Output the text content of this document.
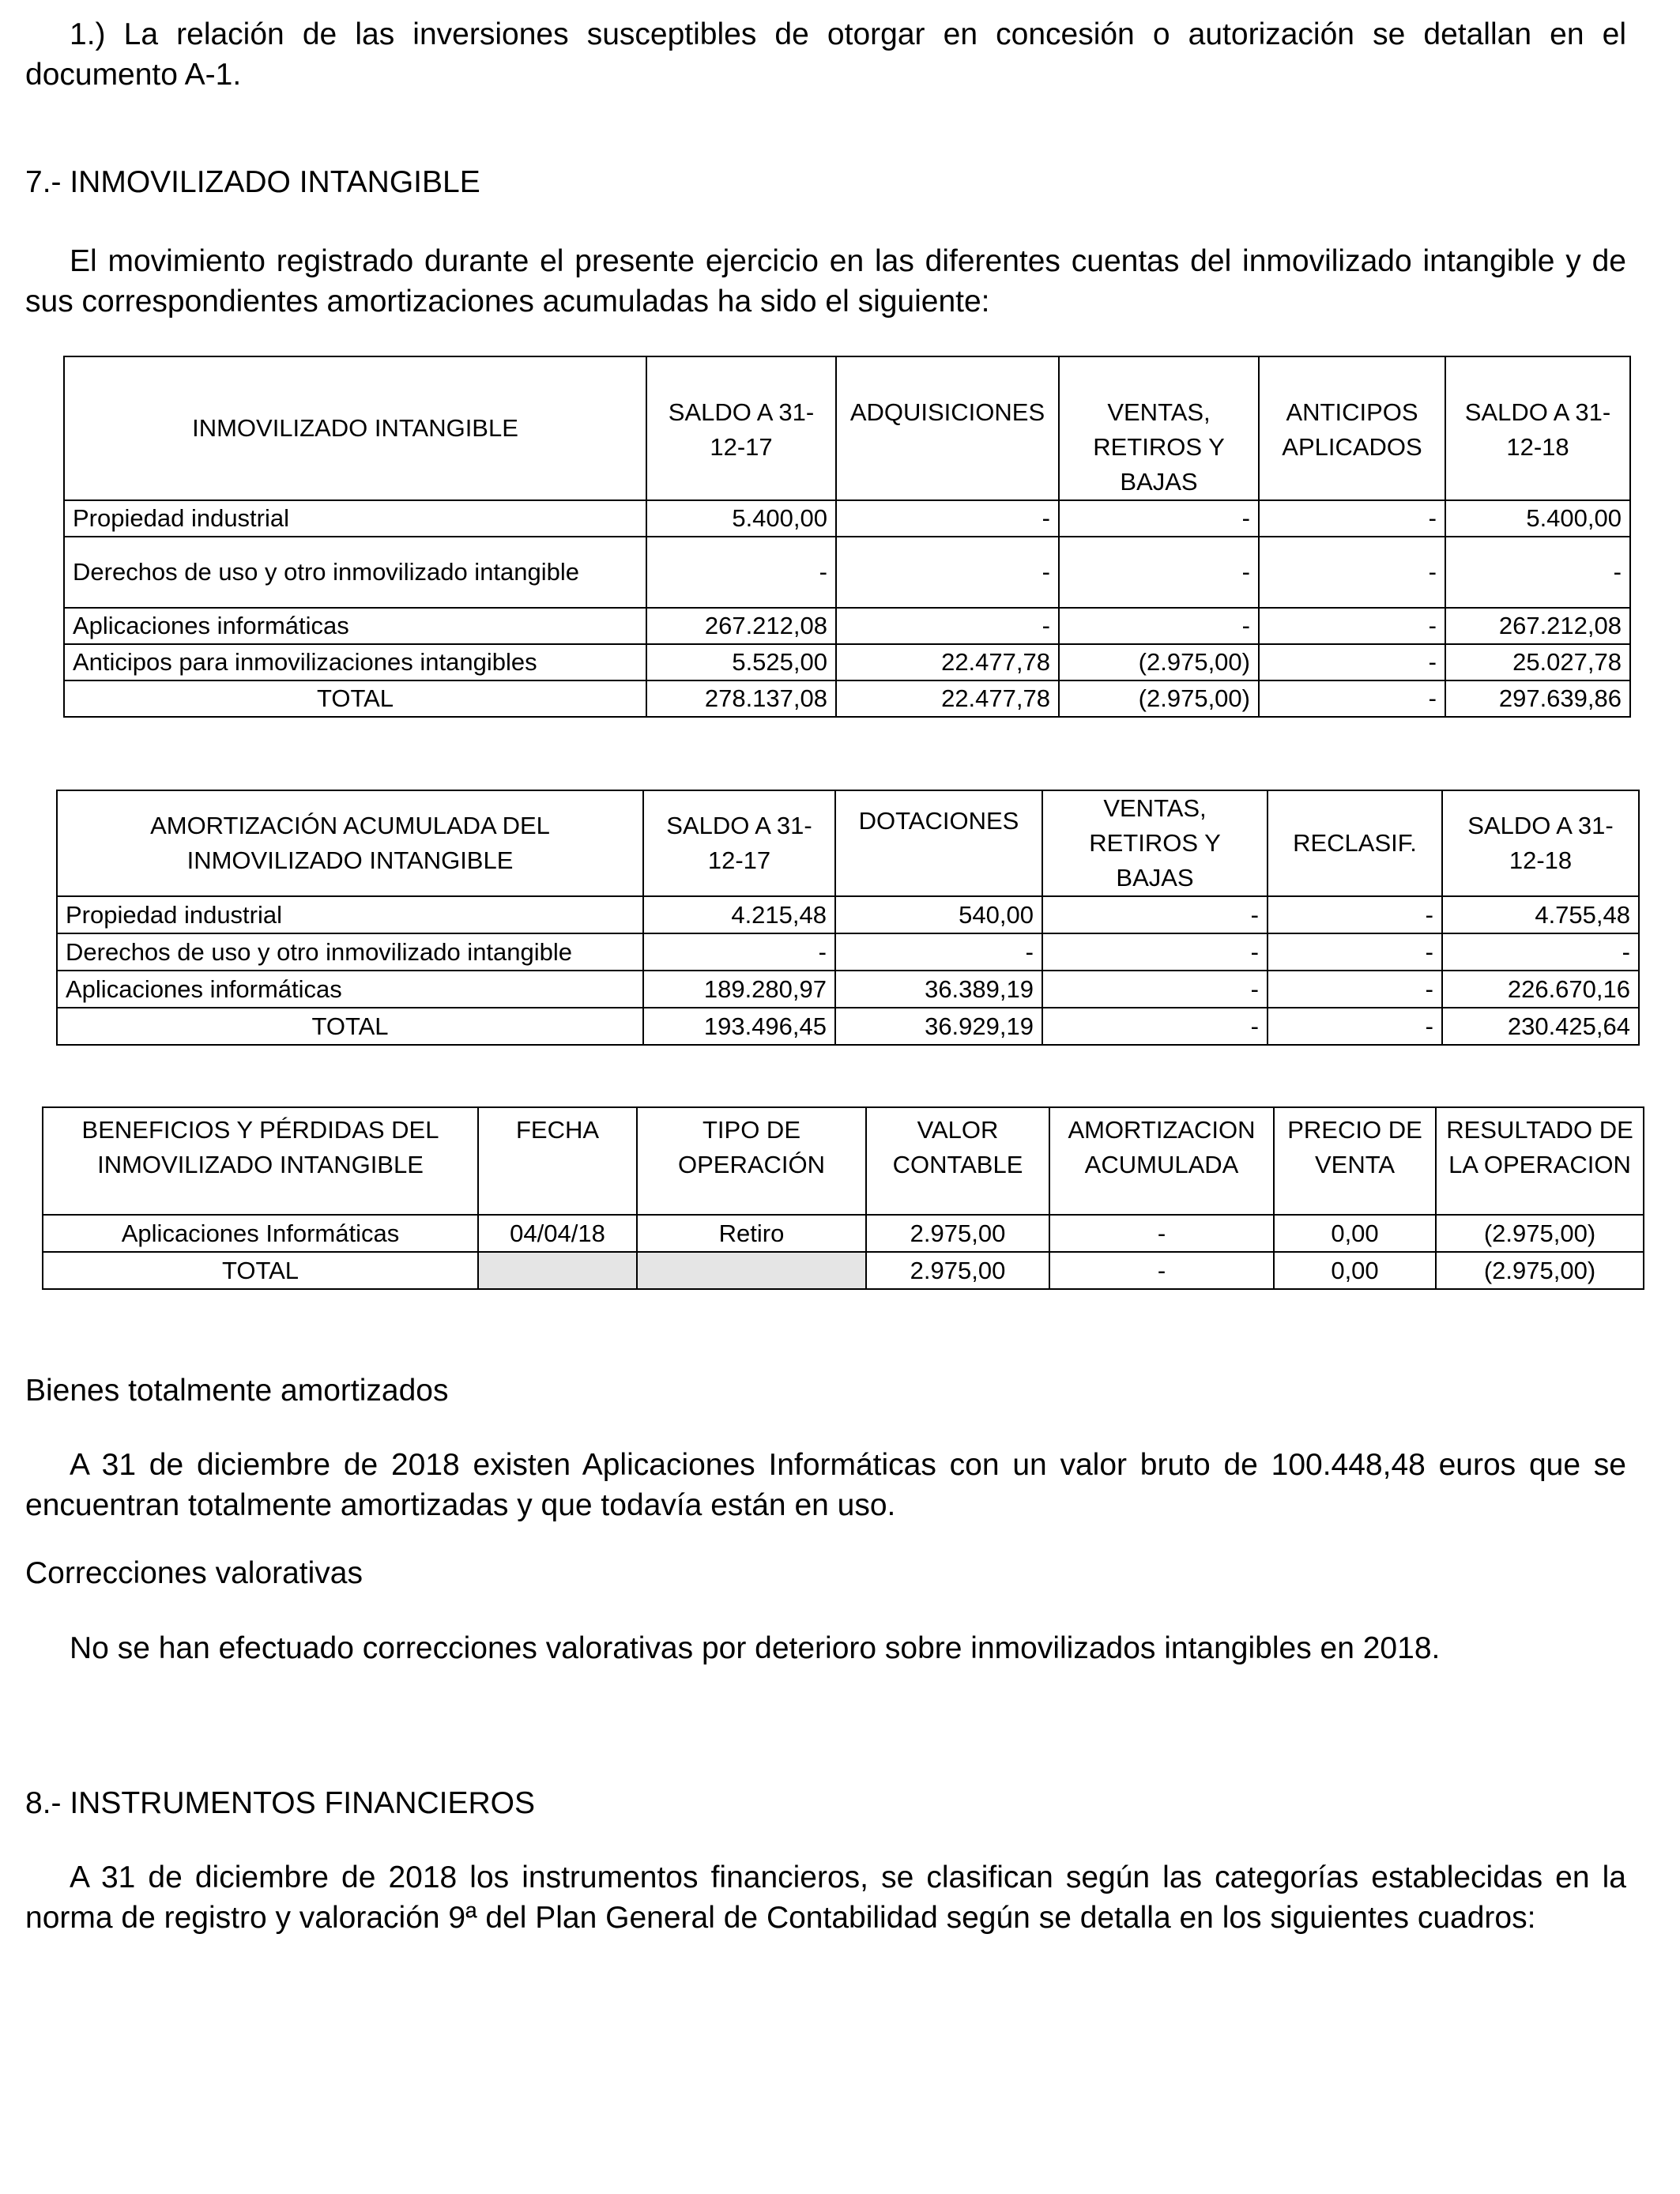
1.) La relación de las inversiones susceptibles de otorgar en concesión o autorización se detallan en el documento A-1.

7.- INMOVILIZADO INTANGIBLE

El movimiento registrado durante el presente ejercicio en las diferentes cuentas del inmovilizado intangible y de sus correspondientes amortizaciones acumuladas ha sido el siguiente:

INMOVILIZADO INTANGIBLE	SALDO A 31-12-17	ADQUISICIONES	VENTAS, RETIROS Y BAJAS	ANTICIPOS APLICADOS	SALDO A 31-12-18
Propiedad industrial	5.400,00	-	-	-	5.400,00
Derechos de uso y otro inmovilizado intangible	-	-	-	-	-
Aplicaciones informáticas	267.212,08	-	-	-	267.212,08
Anticipos para inmovilizaciones intangibles	5.525,00	22.477,78	(2.975,00)	-	25.027,78
TOTAL	278.137,08	22.477,78	(2.975,00)	-	297.639,86
AMORTIZACIÓN ACUMULADA DEL INMOVILIZADO INTANGIBLE	SALDO A 31-12-17	DOTACIONES	VENTAS, RETIROS Y BAJAS	RECLASIF.	SALDO A 31-12-18
Propiedad industrial	4.215,48	540,00	-	-	4.755,48
Derechos de uso y otro inmovilizado intangible	-	-	-	-	-
Aplicaciones informáticas	189.280,97	36.389,19	-	-	226.670,16
TOTAL	193.496,45	36.929,19	-	-	230.425,64
BENEFICIOS Y PÉRDIDAS DEL INMOVILIZADO INTANGIBLE	FECHA	TIPO DE OPERACIÓN	VALOR CONTABLE	AMORTIZACION ACUMULADA	PRECIO DE VENTA	RESULTADO DE LA OPERACION
Aplicaciones Informáticas	04/04/18	Retiro	2.975,00	-	0,00	(2.975,00)
TOTAL			2.975,00	-	0,00	(2.975,00)
Bienes totalmente amortizados

A 31 de diciembre de 2018 existen Aplicaciones Informáticas con un valor bruto de 100.448,48 euros que se encuentran totalmente amortizadas y que todavía están en uso.

Correcciones valorativas

No se han efectuado correcciones valorativas por deterioro sobre inmovilizados intangibles en 2018.

8.- INSTRUMENTOS FINANCIEROS

A 31 de diciembre de 2018 los instrumentos financieros, se clasifican según las categorías establecidas en la norma de registro y valoración 9ª del Plan General de Contabilidad según se detalla en los siguientes cuadros:
